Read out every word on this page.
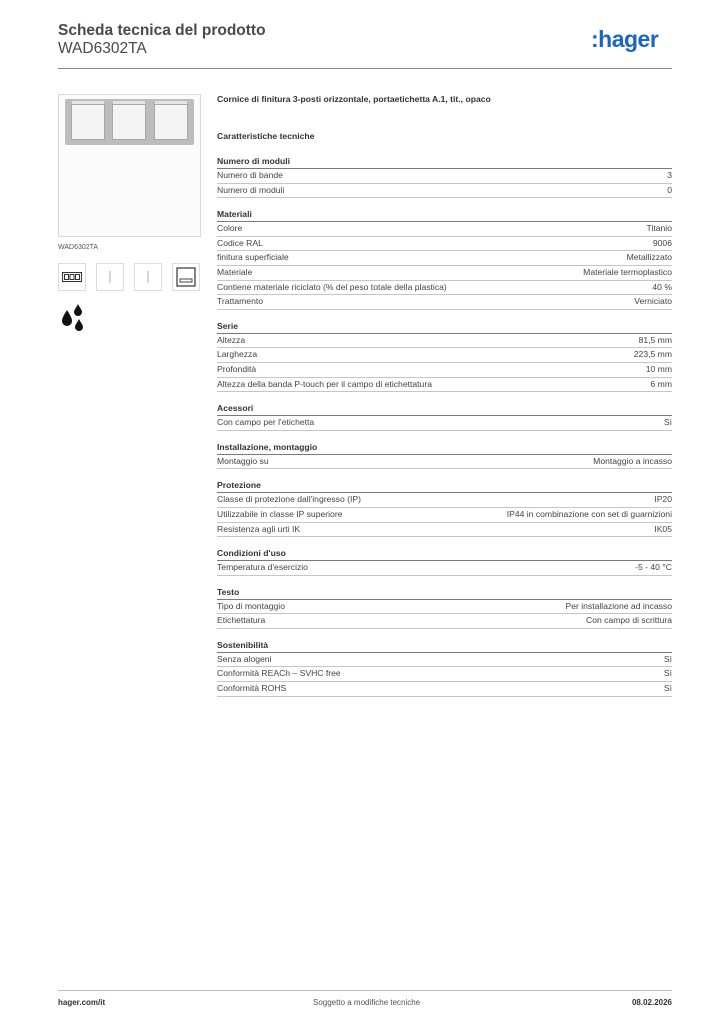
Scheda tecnica del prodotto
WAD6302TA	:hager
WAD6302TA
Cornice di finitura 3-posti orizzontale, portaetichetta A.1, tit., opaco
Caratteristiche tecniche
Numero di moduli
Numero di bande	3
Numero di moduli	0
Materiali
Colore	Titanio
Codice RAL	9006
finitura superficiale	Metallizzato
Materiale	Materiale termoplastico
Contiene materiale riciclato (% del peso totale della plastica)	40 %
Trattamento	Verniciato
Serie
Altezza	81,5 mm
Larghezza	223,5 mm
Profondità	10 mm
Altezza della banda P-touch per il campo di etichettatura	6 mm
Acessori
Con campo per l'etichetta	Sì
Installazione, montaggio
Montaggio su	Montaggio a incasso
Protezione
Classe di protezione dall'ingresso (IP)	IP20
Utilizzabile in classe IP superiore	IP44 in combinazione con set di guarnizioni
Resistenza agli urti IK	IK05
Condizioni d'uso
Temperatura d'esercizio	-5 - 40 °C
Testo
Tipo di montaggio	Per installazione ad incasso
Etichettatura	Con campo di scrittura
Sostenibilità
Senza alogeni	Sì
Conformità REACh – SVHC free	Sì
Conformità ROHS	Sì
hager.com/it	Soggetto a modifiche tecniche	08.02.2026
